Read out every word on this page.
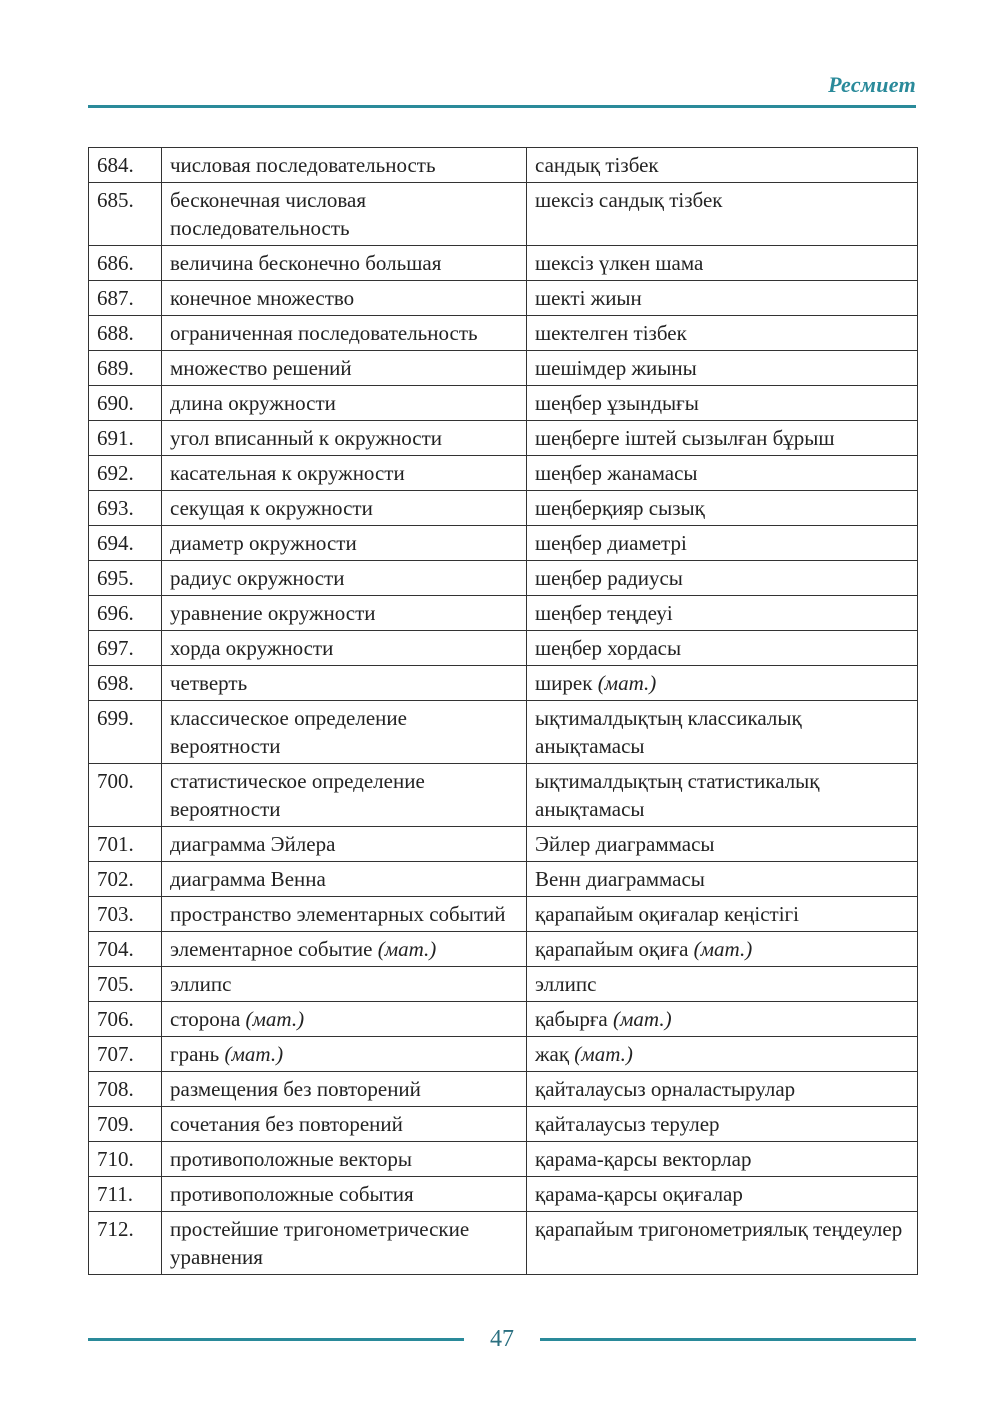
Ресмиет
684.	числовая последовательность	сандық тізбек
685.	бесконечная числовая последовательность	шексіз сандық тізбек
686.	величина бесконечно большая	шексіз үлкен шама
687.	конечное множество	шекті жиын
688.	ограниченная последовательность	шектелген тізбек
689.	множество решений	шешімдер жиыны
690.	длина окружности	шеңбер ұзындығы
691.	угол вписанный к окружности	шеңберге іштей сызылған бұрыш
692.	касательная к окружности	шеңбер жанамасы
693.	секущая к окружности	шеңберқияр сызық
694.	диаметр окружности	шеңбер диаметрі
695.	радиус окружности	шеңбер радиусы
696.	уравнение окружности	шеңбер теңдеуі
697.	хорда окружности	шеңбер хордасы
698.	четверть	ширек (мат.)
699.	классическое определение вероятности	ықтималдықтың классикалық анықтамасы
700.	статистическое определение вероятности	ықтималдықтың статистикалық анықтамасы
701.	диаграмма Эйлера	Эйлер диаграммасы
702.	диаграмма Венна	Венн диаграммасы
703.	пространство элементарных событий	қарапайым оқиғалар кеңістігі
704.	элементарное событие (мат.)	қарапайым оқиға (мат.)
705.	эллипс	эллипс
706.	сторона (мат.)	қабырға (мат.)
707.	грань (мат.)	жақ (мат.)
708.	размещения без повторений	қайталаусыз орналастырулар
709.	сочетания без повторений	қайталаусыз терулер
710.	противоположные векторы	қарама-қарсы векторлар
711.	противоположные события	қарама-қарсы оқиғалар
712.	простейшие тригонометрические уравнения	қарапайым тригонометриялық теңдеулер
47
